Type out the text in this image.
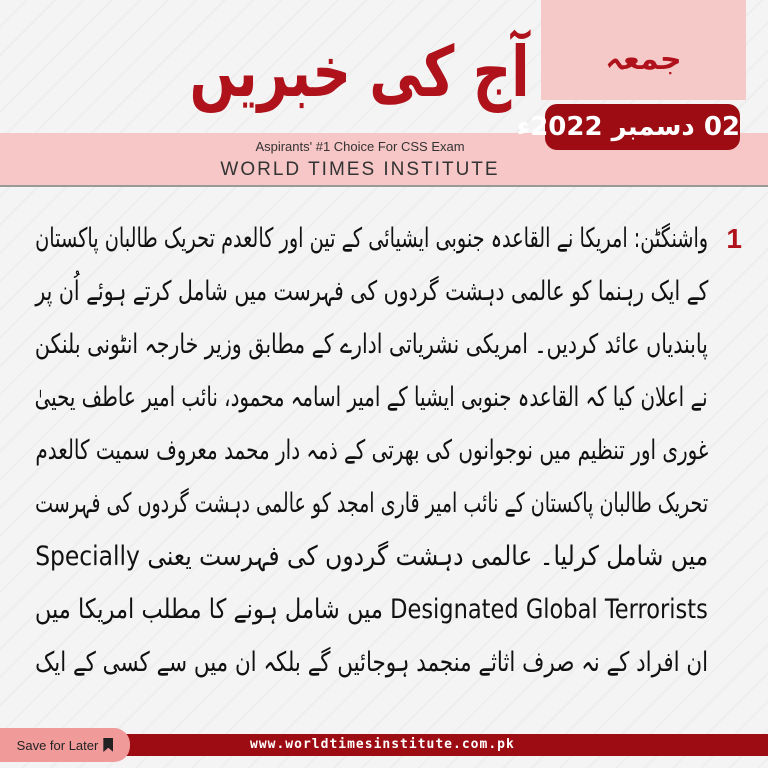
جمعہ
آج کی خبریں
Aspirants' #1 Choice For CSS Exam
WORLD TIMES INSTITUTE
02 دسمبر 2022ء
1
واشنگٹن: امریکا نے القاعدہ جنوبی ایشیائی کے تین اور کالعدم تحریک طالبان پاکستان
کے ایک رہنما کو عالمی دہشت گردوں کی فہرست میں شامل کرتے ہوئے اُن پر
پابندیاں عائد کردیں۔ امریکی نشریاتی ادارے کے مطابق وزیر خارجہ انٹونی بلنکن
نے اعلان کیا کہ القاعدہ جنوبی ایشیا کے امیر اسامہ محمود، نائب امیر عاطف یحییٰ
غوری اور تنظیم میں نوجوانوں کی بھرتی کے ذمہ دار محمد معروف سمیت کالعدم
تحریک طالبان پاکستان کے نائب امیر قاری امجد کو عالمی دہشت گردوں کی فہرست
میں شامل کرلیا۔ عالمی دہشت گردوں کی فہرست یعنی Specially
Designated Global Terrorists میں شامل ہونے کا مطلب امریکا میں
ان افراد کے نہ صرف اثاثے منجمد ہوجائیں گے بلکہ ان میں سے کسی کے ایک
www.worldtimesinstitute.com.pk
Save for Later
